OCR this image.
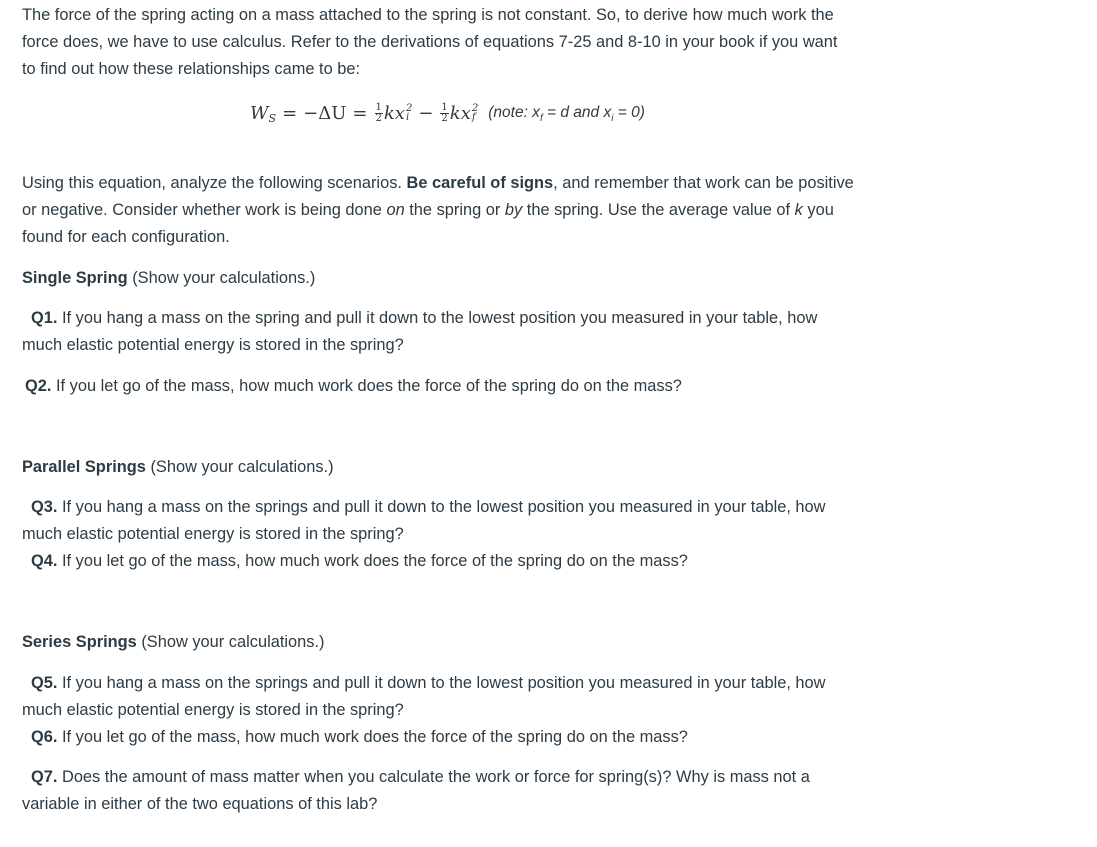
The force of the spring acting on a mass attached to the spring is not constant. So, to derive how much work the
force does, we have to use calculus. Refer to the derivations of equations 7-25 and 8-10 in your book if you want
to find out how these relationships came to be:
W $S = -\Delta U = \frac{1}{2}$ kx 2
$i - \frac{1}{2}$ kx 2
f (note: $x_f = d$ and $x_i = 0$)
Using this equation, analyze the following scenarios. Be careful of signs, and remember that work can be positive
or negative. Consider whether work is being done on the spring or by the spring. Use the average value of k you
found for each configuration.
Single Spring (Show your calculations.)
Q1. If you hang a mass on the spring and pull it down to the lowest position you measured in your table, how
much elastic potential energy is stored in the spring?
Q2. If you let go of the mass, how much work does the force of the spring do on the mass?
Parallel Springs (Show your calculations.)
Q3. If you hang a mass on the springs and pull it down to the lowest position you measured in your table, how
much elastic potential energy is stored in the spring?
Q4. If you let go of the mass, how much work does the force of the spring do on the mass?
Series Springs (Show your calculations.)
Q5. If you hang a mass on the springs and pull it down to the lowest position you measured in your table, how
much elastic potential energy is stored in the spring?
Q6. If you let go of the mass, how much work does the force of the spring do on the mass?
Q7. Does the amount of mass matter when you calculate the work or force for spring(s)? Why is mass not a
variable in either of the two equations of this lab?
